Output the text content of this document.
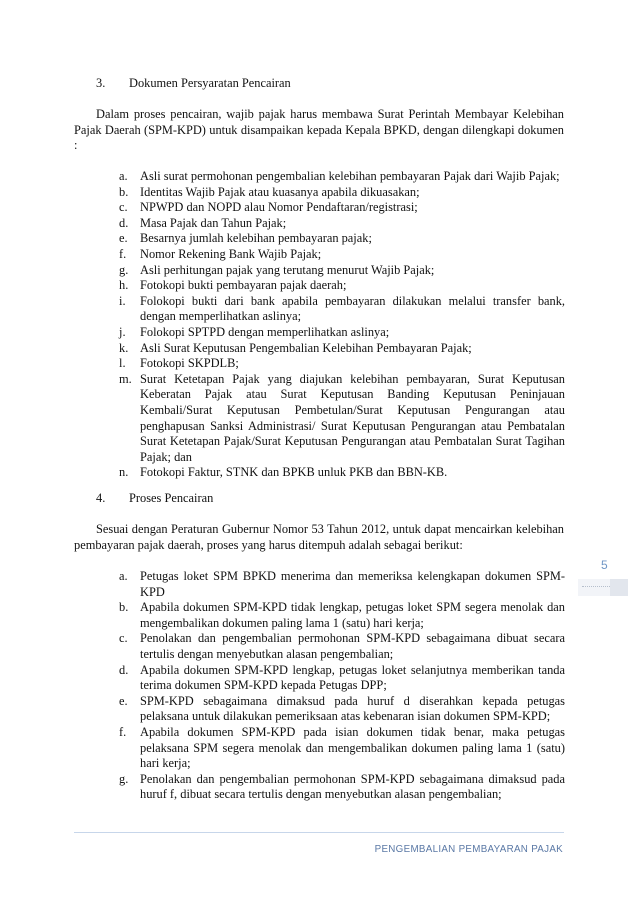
3. Dokumen Persyaratan Pencairan
Dalam proses pencairan, wajib pajak harus membawa Surat Perintah Membayar Kelebihan Pajak Daerah (SPM-KPD) untuk disampaikan kepada Kepala BPKD, dengan dilengkapi dokumen :
a. Asli surat permohonan pengembalian kelebihan pembayaran Pajak dari Wajib Pajak;
b. Identitas Wajib Pajak atau kuasanya apabila dikuasakan;
c. NPWPD dan NOPD alau Nomor Pendaftaran/registrasi;
d. Masa Pajak dan Tahun Pajak;
e. Besarnya jumlah kelebihan pembayaran pajak;
f.	Nomor Rekening Bank Wajib Pajak;
g. Asli perhitungan pajak yang terutang menurut Wajib Pajak;
h. Fotokopi bukti pembayaran pajak daerah;
i.	Folokopi bukti dari bank apabila pembayaran dilakukan melalui transfer bank, dengan memperlihatkan aslinya;
j.	Folokopi SPTPD dengan memperlihatkan aslinya;
k. Asli Surat Keputusan Pengembalian Kelebihan Pembayaran Pajak;
l.	Fotokopi SKPDLB;
m. Surat Ketetapan Pajak yang diajukan kelebihan pembayaran, Surat Keputusan Keberatan Pajak atau Surat Keputusan Banding Keputusan Peninjauan Kembali/Surat Keputusan Pembetulan/Surat Keputusan Pengurangan atau penghapusan Sanksi Administrasi/ Surat Keputusan Pengurangan atau Pembatalan Surat Ketetapan Pajak/Surat Keputusan Pengurangan atau Pembatalan Surat Tagihan Pajak; dan
n. Fotokopi Faktur, STNK dan BPKB unluk PKB dan BBN-KB.
4. Proses Pencairan
Sesuai dengan Peraturan Gubernur Nomor 53 Tahun 2012, untuk dapat mencairkan kelebihan pembayaran pajak daerah, proses yang harus ditempuh adalah sebagai berikut:
a. Petugas loket SPM BPKD menerima dan memeriksa kelengkapan dokumen SPM-KPD
b. Apabila dokumen SPM-KPD tidak lengkap, petugas loket SPM segera menolak dan mengembalikan dokumen paling lama 1 (satu) hari kerja;
c. Penolakan dan pengembalian permohonan SPM-KPD sebagaimana dibuat secara tertulis dengan menyebutkan alasan pengembalian;
d. Apabila dokumen SPM-KPD lengkap, petugas loket selanjutnya memberikan tanda terima dokumen SPM-KPD kepada Petugas DPP;
e. SPM-KPD sebagaimana dimaksud pada huruf d diserahkan kepada petugas pelaksana untuk dilakukan pemeriksaan atas kebenaran isian dokumen SPM-KPD;
f.	Apabila dokumen SPM-KPD pada isian dokumen tidak benar, maka petugas pelaksana SPM segera menolak dan mengembalikan dokumen paling lama 1 (satu) hari kerja;
g. Penolakan dan pengembalian permohonan SPM-KPD sebagaimana dimaksud pada huruf f, dibuat secara tertulis dengan menyebutkan alasan pengembalian;
5
PENGEMBALIAN PEMBAYARAN PAJAK
